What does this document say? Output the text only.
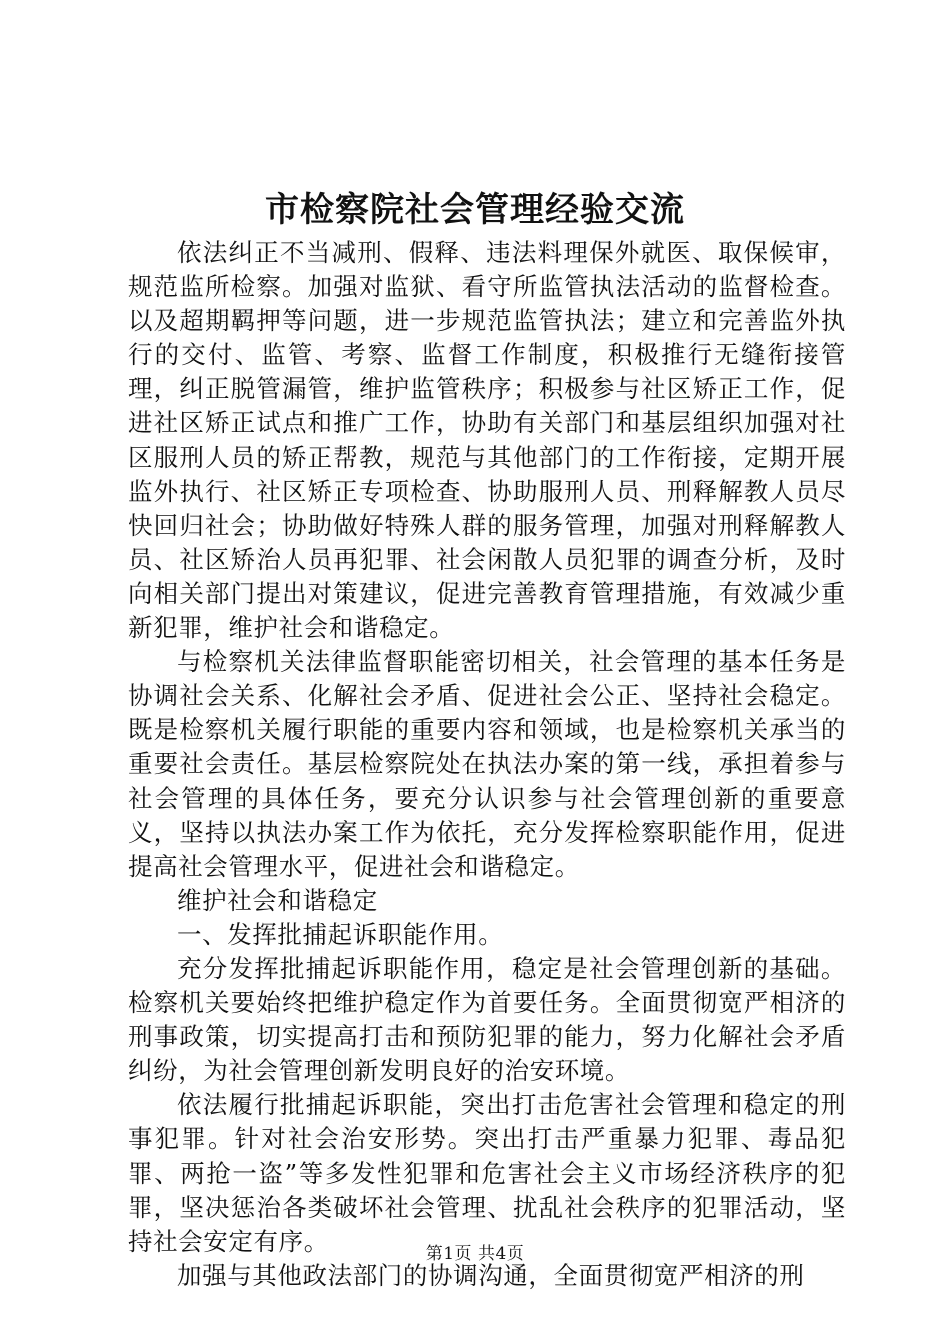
市检察院社会管理经验交流

依法纠正不当减刑、假释、违法料理保外就医、取保候审，规范监所检察。加强对监狱、看守所监管执法活动的监督检查。以及超期羁押等问题，进一步规范监管执法；建立和完善监外执行的交付、监管、考察、监督工作制度，积极推行无缝衔接管理，纠正脱管漏管，维护监管秩序；积极参与社区矫正工作，促进社区矫正试点和推广工作，协助有关部门和基层组织加强对社区服刑人员的矫正帮教，规范与其他部门的工作衔接，定期开展监外执行、社区矫正专项检查、协助服刑人员、刑释解教人员尽快回归社会；协助做好特殊人群的服务管理，加强对刑释解教人员、社区矫治人员再犯罪、社会闲散人员犯罪的调查分析，及时向相关部门提出对策建议，促进完善教育管理措施，有效减少重新犯罪，维护社会和谐稳定。

与检察机关法律监督职能密切相关，社会管理的基本任务是协调社会关系、化解社会矛盾、促进社会公正、坚持社会稳定。既是检察机关履行职能的重要内容和领域，也是检察机关承当的重要社会责任。基层检察院处在执法办案的第一线，承担着参与社会管理的具体任务，要充分认识参与社会管理创新的重要意义，坚持以执法办案工作为依托，充分发挥检察职能作用，促进提高社会管理水平，促进社会和谐稳定。

维护社会和谐稳定

一、发挥批捕起诉职能作用。

充分发挥批捕起诉职能作用，稳定是社会管理创新的基础。检察机关要始终把维护稳定作为首要任务。全面贯彻宽严相济的刑事政策，切实提高打击和预防犯罪的能力，努力化解社会矛盾纠纷，为社会管理创新发明良好的治安环境。

依法履行批捕起诉职能，突出打击危害社会管理和稳定的刑事犯罪。针对社会治安形势。突出打击严重暴力犯罪、毒品犯罪、两抢一盗”等多发性犯罪和危害社会主义市场经济秩序的犯罪，坚决惩治各类破坏社会管理、扰乱社会秩序的犯罪活动，坚持社会安定有序。

加强与其他政法部门的协调沟通，全面贯彻宽严相济的刑

第1页 共4页
